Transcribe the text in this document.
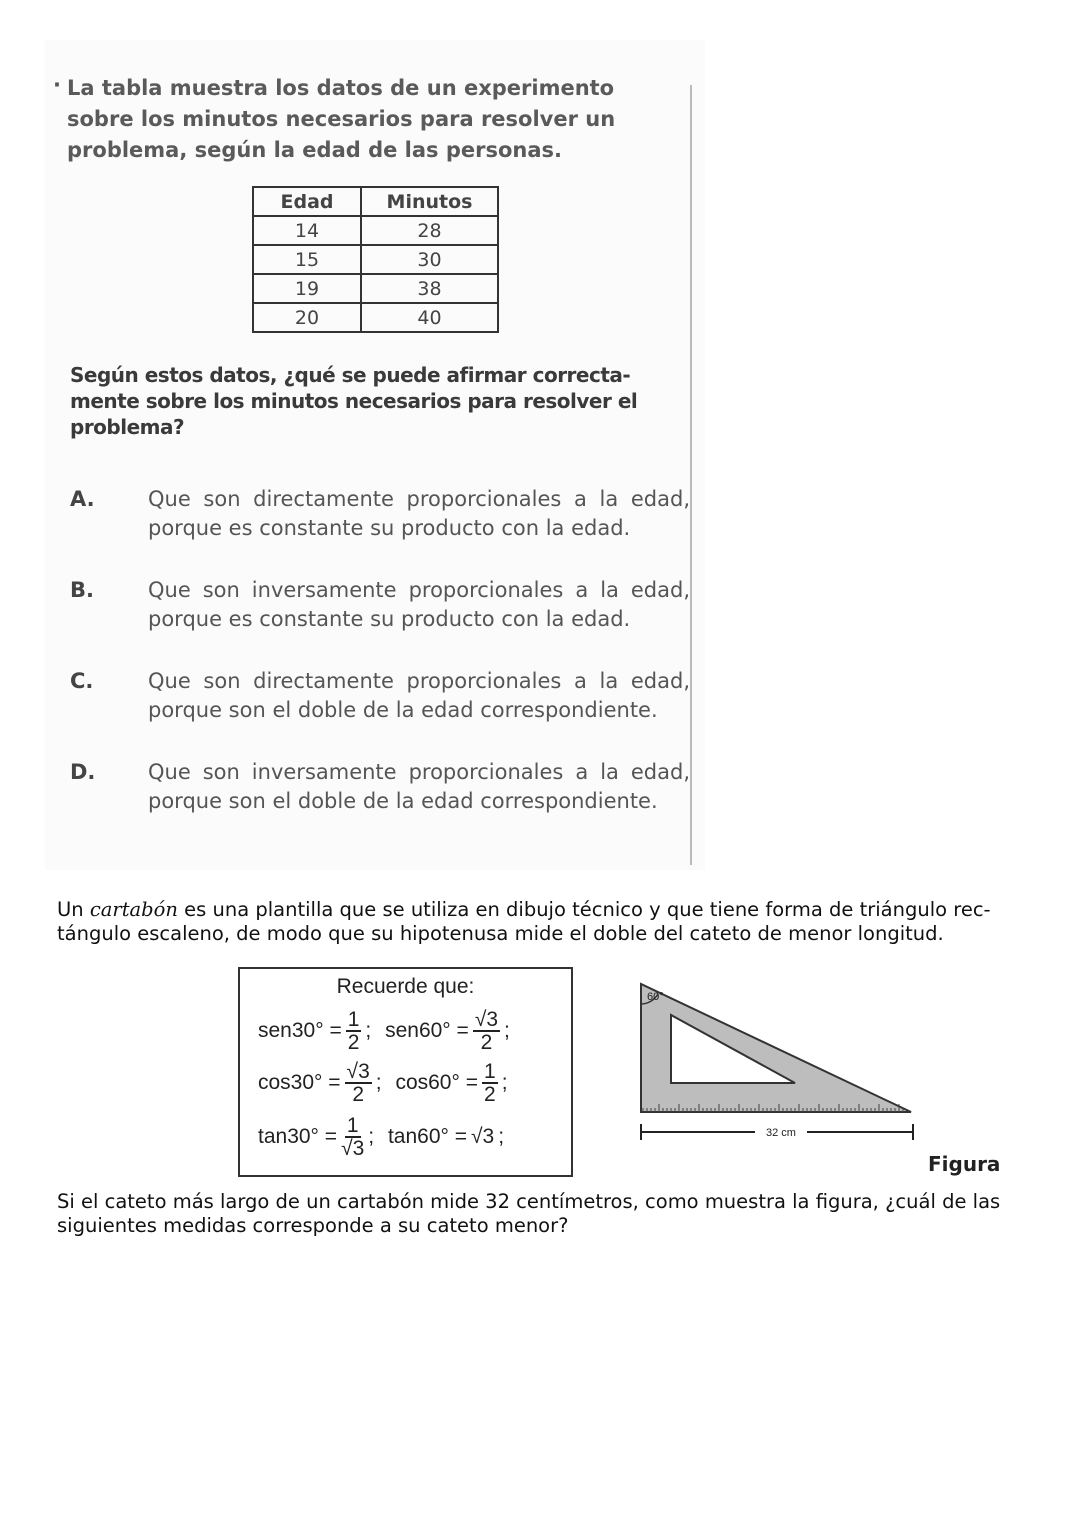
· La tabla muestra los datos de un experimento sobre los minutos necesarios para resolver un problema, según la edad de las personas.
Edad	Minutos
14	28
15	30
19	38
20	40
Según estos datos, ¿qué se puede afirmar correcta-mente sobre los minutos necesarios para resolver el problema?
A.	Que son directamente proporcionales a la edad, porque es constante su producto con la edad.
B.	Que son inversamente proporcionales a la edad, porque es constante su producto con la edad.
C.	Que son directamente proporcionales a la edad, porque son el doble de la edad correspondiente.
D.	Que son inversamente proporcionales a la edad, porque son el doble de la edad correspondiente.
Un cartabón es una plantilla que se utiliza en dibujo técnico y que tiene forma de triángulo rec-tángulo escaleno, de modo que su hipotenusa mide el doble del cateto de menor longitud.
Recuerde que:
$sen30^\circ = \frac{1}{2}$ ;
$sen60^\circ = \frac{√3}{2}$ ;
$\cos 30^\circ = \frac{√3}{2}$ ;
$\cos 60^\circ = \frac{1}{2}$ ;
$\tan 30^\circ = \frac{1}{√3}$ ;
tan60° = √3 ;
60°
32 cm
Figura
Si el cateto más largo de un cartabón mide 32 centímetros, como muestra la figura, ¿cuál de las siguientes medidas corresponde a su cateto menor?
